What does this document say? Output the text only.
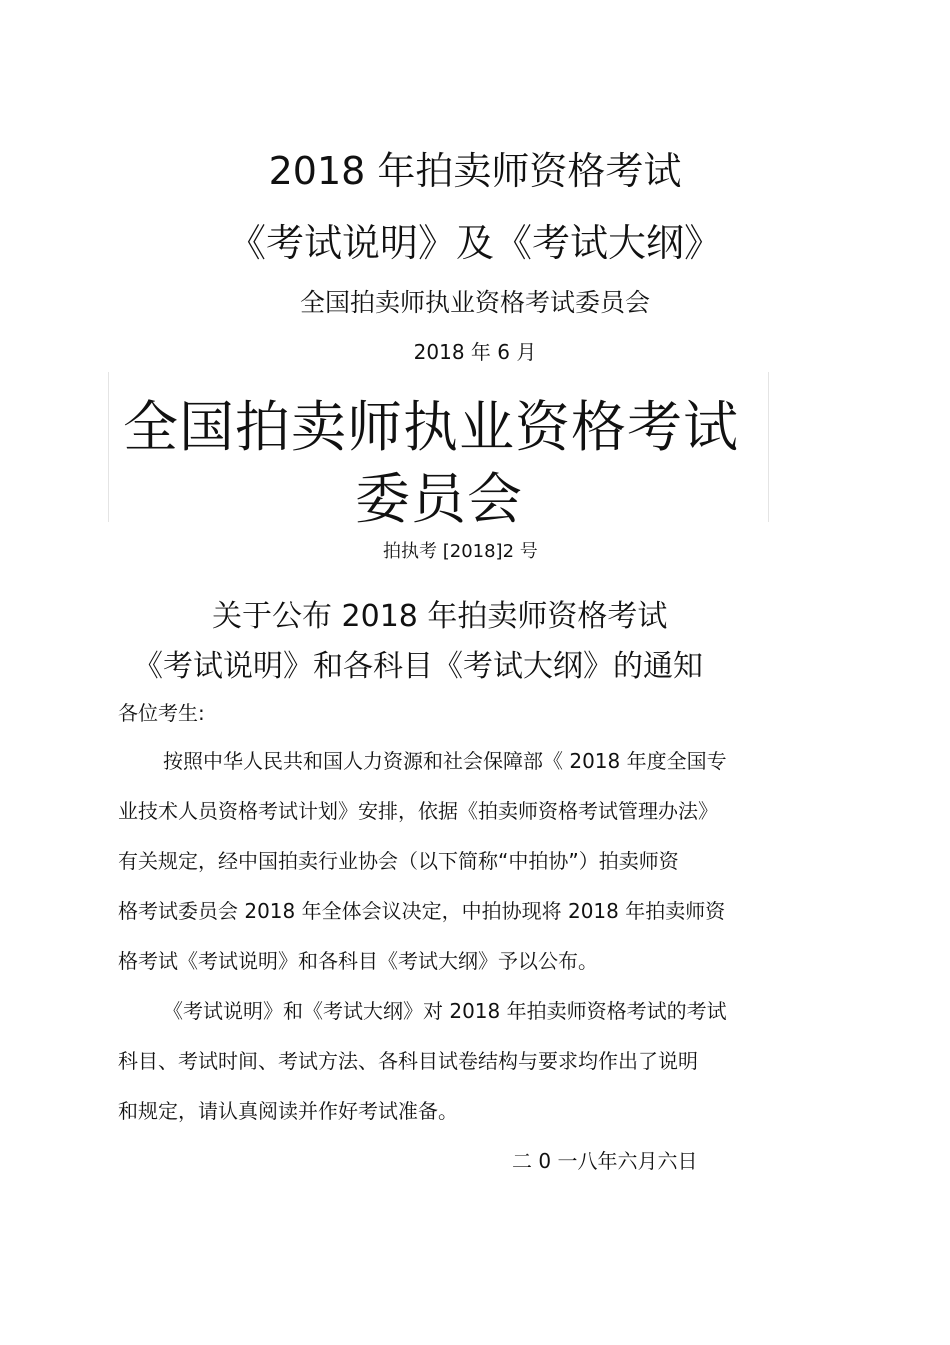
2018 年拍卖师资格考试
《考试说明》及《考试大纲》
全国拍卖师执业资格考试委员会
2018 年 6 月
全国拍卖师执业资格考试
委员会
拍执考 [2018]2 号
关于公布 2018 年拍卖师资格考试
《考试说明》和各科目《考试大纲》的通知
各位考生:
按照中华人民共和国人力资源和社会保障部《 2018 年度全国专
业技术人员资格考试计划》安排，依据《拍卖师资格考试管理办法》
有关规定，经中国拍卖行业协会（以下简称“中拍协”）拍卖师资
格考试委员会 2018 年全体会议决定，中拍协现将 2018 年拍卖师资
格考试《考试说明》和各科目《考试大纲》予以公布。
《考试说明》和《考试大纲》对 2018 年拍卖师资格考试的考试
科目、考试时间、考试方法、各科目试卷结构与要求均作出了说明
和规定，请认真阅读并作好考试准备。
二 0 一八年六月六日
